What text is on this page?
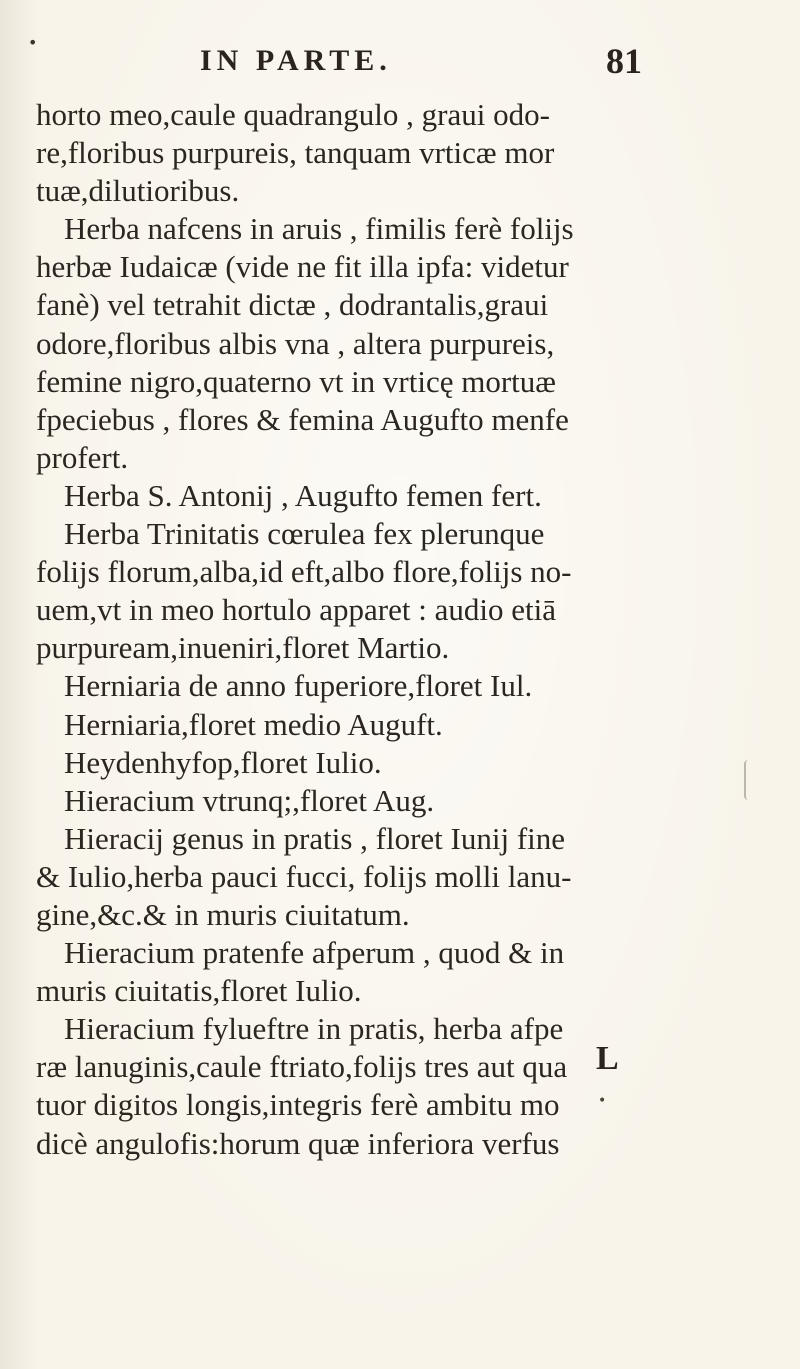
•
IN PARTE.	81
horto meo,caule quadrangulo , graui odo-
re,floribus purpureis, tanquam vrticæ mor
tuæ,dilutioribus.
Herba nafcens in aruis , fimilis ferè folijs
herbæ Iudaicæ (vide ne fit illa ipfa: videtur
fanè) vel tetrahit dictæ , dodrantalis,graui
odore,floribus albis vna , altera purpureis,
femine nigro,quaterno vt in vrticę mortuæ
fpeciebus , flores & femina Augufto menfe
profert.
Herba S. Antonij , Augufto femen fert.
Herba Trinitatis cœrulea fex plerunque
folijs florum,alba,id eft,albo flore,folijs no-
uem,vt in meo hortulo apparet : audio etiā
purpuream,inueniri,floret Martio.
Herniaria de anno fuperiore,floret Iul.
Herniaria,floret medio Auguft.
Heydenhyfop,floret Iulio.
Hieracium vtrunq;,floret Aug.
Hieracij genus in pratis , floret Iunij fine
& Iulio,herba pauci fucci, folijs molli lanu-
gine,&c.& in muris ciuitatum.
Hieracium pratenfe afperum , quod & in
muris ciuitatis,floret Iulio.
Hieracium fylueftre in pratis, herba afpe
ræ lanuginis,caule ftriato,folijs tres aut qua
tuor digitos longis,integris ferè ambitu mo
dicè angulofis:horum quæ inferiora verfus
L
•
